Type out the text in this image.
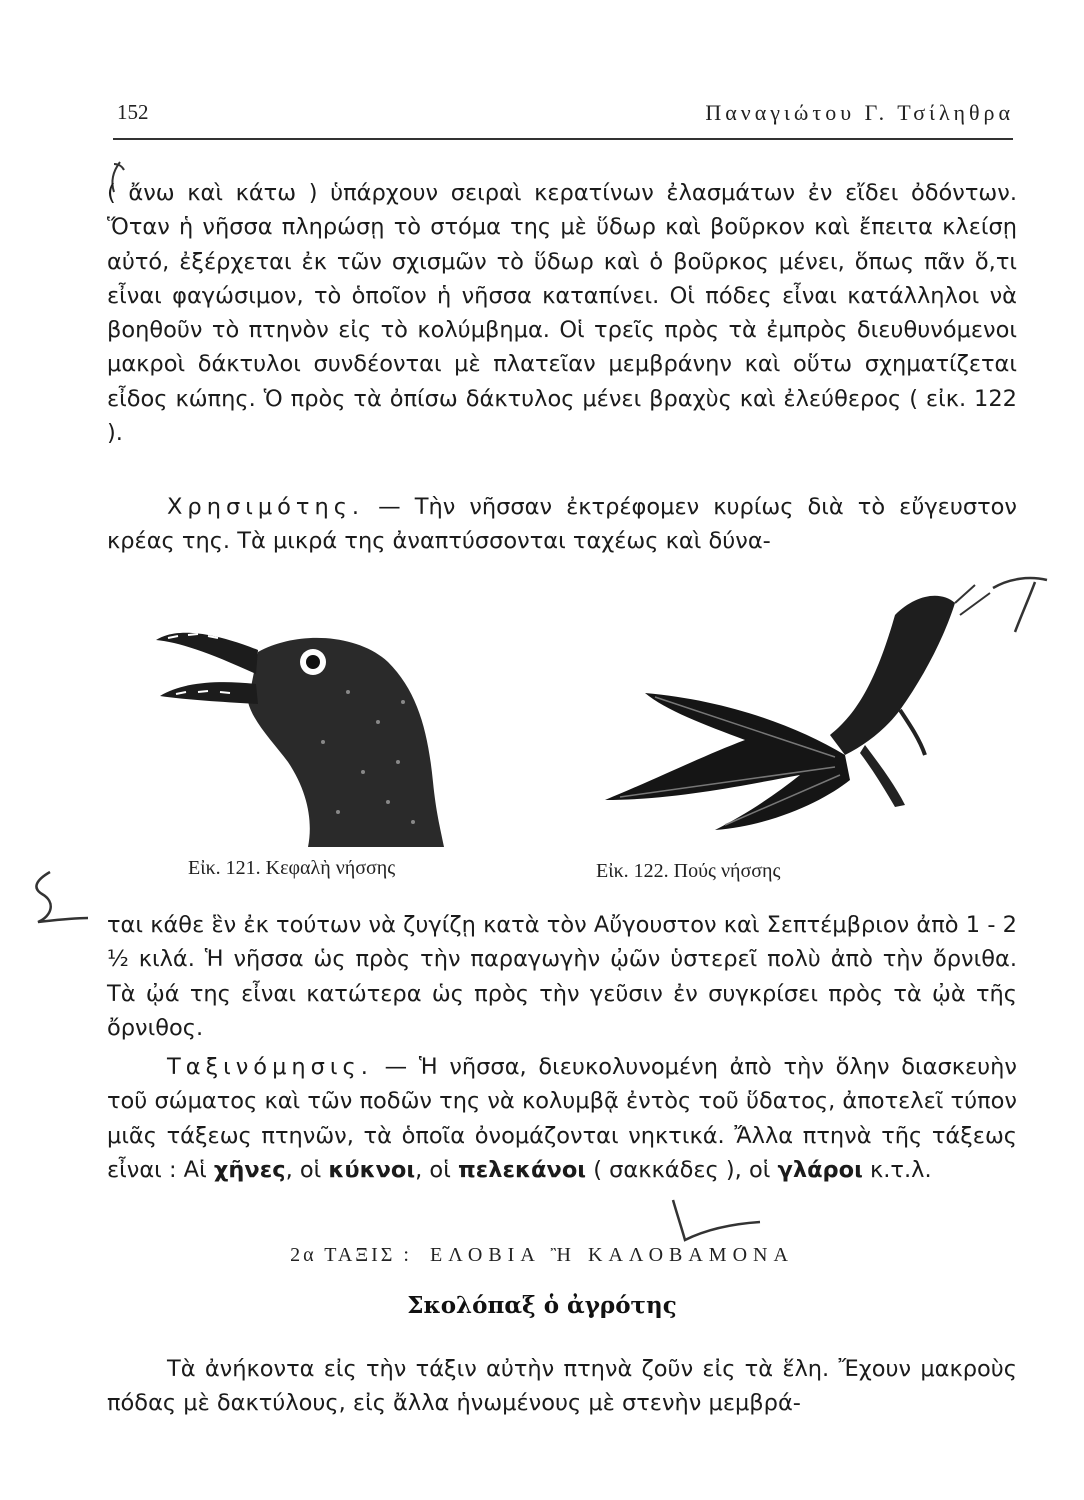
152	Παναγιώτου Γ. Τσίληθρα

( ἄνω καὶ κάτω ) ὑπάρχουν σειραὶ κερατίνων ἐλασμάτων ἐν εἴδει ὀδόντων. Ὅταν ἡ νῆσσα πληρώσῃ τὸ στόμα της μὲ ὕδωρ καὶ βοῦρκον καὶ ἔπειτα κλείσῃ αὐτό, ἐξέρχεται ἐκ τῶν σχισμῶν τὸ ὕδωρ καὶ ὁ βοῦρκος μένει, ὅπως πᾶν ὅ,τι εἶναι φαγώσιμον, τὸ ὁποῖον ἡ νῆσσα καταπίνει. Οἱ πόδες εἶναι κατάλληλοι νὰ βοηθοῦν τὸ πτηνὸν εἰς τὸ κολύμβημα. Οἱ τρεῖς πρὸς τὰ ἐμπρὸς διευθυνόμενοι μακροὶ δάκτυλοι συνδέονται μὲ πλατεῖαν μεμβράνην καὶ οὕτω σχηματίζεται εἶδος κώπης. Ὁ πρὸς τὰ ὀπίσω δάκτυλος μένει βραχὺς καὶ ἐλεύθερος ( εἰκ. 122 ).

Χρησιμότης. — Τὴν νῆσσαν ἐκτρέφομεν κυρίως διὰ τὸ εὔγευστον κρέας της. Τὰ μικρά της ἀναπτύσσονται ταχέως καὶ δύνα-

Εἰκ. 121. Κεφαλὴ νήσσης	Εἰκ. 122. Πούς νήσσης

ται κάθε ἓν ἐκ τούτων νὰ ζυγίζῃ κατὰ τὸν Αὔγουστον καὶ Σεπτέμβριον ἀπὸ 1 - 2 ½ κιλά. Ἡ νῆσσα ὡς πρὸς τὴν παραγωγὴν ᾠῶν ὑστερεῖ πολὺ ἀπὸ τὴν ὄρνιθα. Τὰ ᾠά της εἶναι κατώτερα ὡς πρὸς τὴν γεῦσιν ἐν συγκρίσει πρὸς τὰ ᾠὰ τῆς ὄρνιθος.

Ταξινόμησις. — Ἡ νῆσσα, διευκολυνομένη ἀπὸ τὴν ὅλην διασκευὴν τοῦ σώματος καὶ τῶν ποδῶν της νὰ κολυμβᾷ ἐντὸς τοῦ ὕδατος, ἀποτελεῖ τύπον μιᾶς τάξεως πτηνῶν, τὰ ὁποῖα ὀνομάζονται νηκτικά. Ἄλλα πτηνὰ τῆς τάξεως εἶναι : Αἱ χῆνες, οἱ κύκνοι, οἱ πελεκάνοι ( σακκάδες ), οἱ γλάροι κ.τ.λ.

2α ΤΑΞΙΣ : ΕΛΟΒΙΑ Ἢ ΚΑΛΟΒΑΜΟΝΑ
Σκολόπαξ ὁ ἀγρότης

Τὰ ἀνήκοντα εἰς τὴν τάξιν αὐτὴν πτηνὰ ζοῦν εἰς τὰ ἕλη. Ἔχουν μακροὺς πόδας μὲ δακτύλους, εἰς ἄλλα ἡνωμένους μὲ στενὴν μεμβρά-
